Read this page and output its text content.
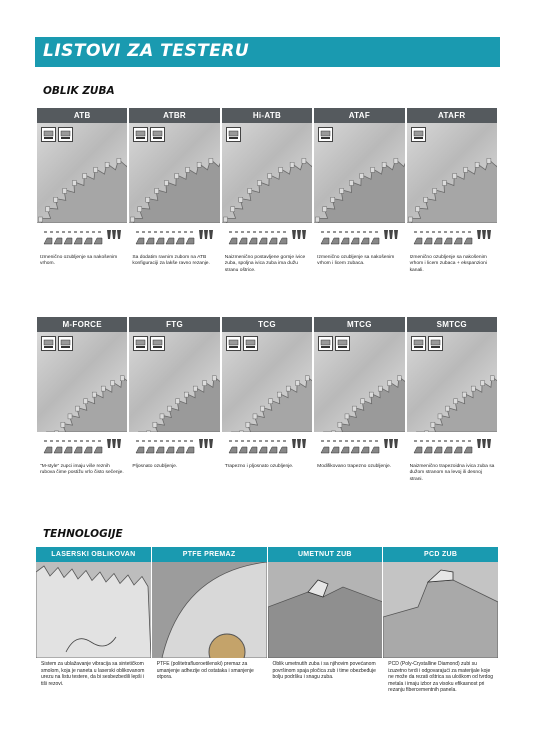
LISTOVI ZA TESTERU
OBLIK ZUBA
ATB
Izmenično ozubljenje sa nakošenim vrhom.
ATBR
Sa dodatim ravnim zubom na ATB konfiguraciji za lakše ravno rezanje.
Hi-ATB
Naizmenično postavljene gornje ivice zuba, spoljna ivica zuba ima dužu stranu oštrice.
ATAF
Izmenično ozubljenje sa nakošenim vrhom i licem zubaca.
ATAFR
Izmenično ozubljenje sa nakošenim vrhom i licem zubaca + ekspanzioni kanali.
M-FORCE
"M-style" zupci imaju više reznih rubova čime postižu vrlo čisto sečenje.
FTG
Pljosnato ozubljenje.
TCG
Trapezno i pljosnato ozubljenje.
MTCG
Modifikovano trapezno ozubljenje.
SMTCG
Naizmenično trapezoidna ivica zuba sa dužom stranom na levoj ili desnoj strani.
TEHNOLOGIJE
LASERSKI OBLIKOVAN
Sistem za ublažavanje vibracija sa sintetičkom smolom, koja je naneta u laserski oblikovanom urezu na listu testere, da bi sesbezbedili lepši i tiši rezovi.
PTFE PREMAZ
PTFE (politetrafluoroetilenski) premaz za umanjenje adhezije od ostataka i smanjenje otpora.
UMETNUT ZUB
Oblik umetnutih zuba i sa njihovim povećanom površinom spaja pločica zub i time obezbeđuje bolju podršku i snagu zuba.
PCD ZUB
PCD (Poly-Crystalline Diamond) zubi su izuzetno tvrdi i odgovarajući za materijale koje ne može da rezati oštrica sa uloškom od tvrdog metala i imaju izbor za visoku efikasnost pri rezanju fibercementnih panela.
